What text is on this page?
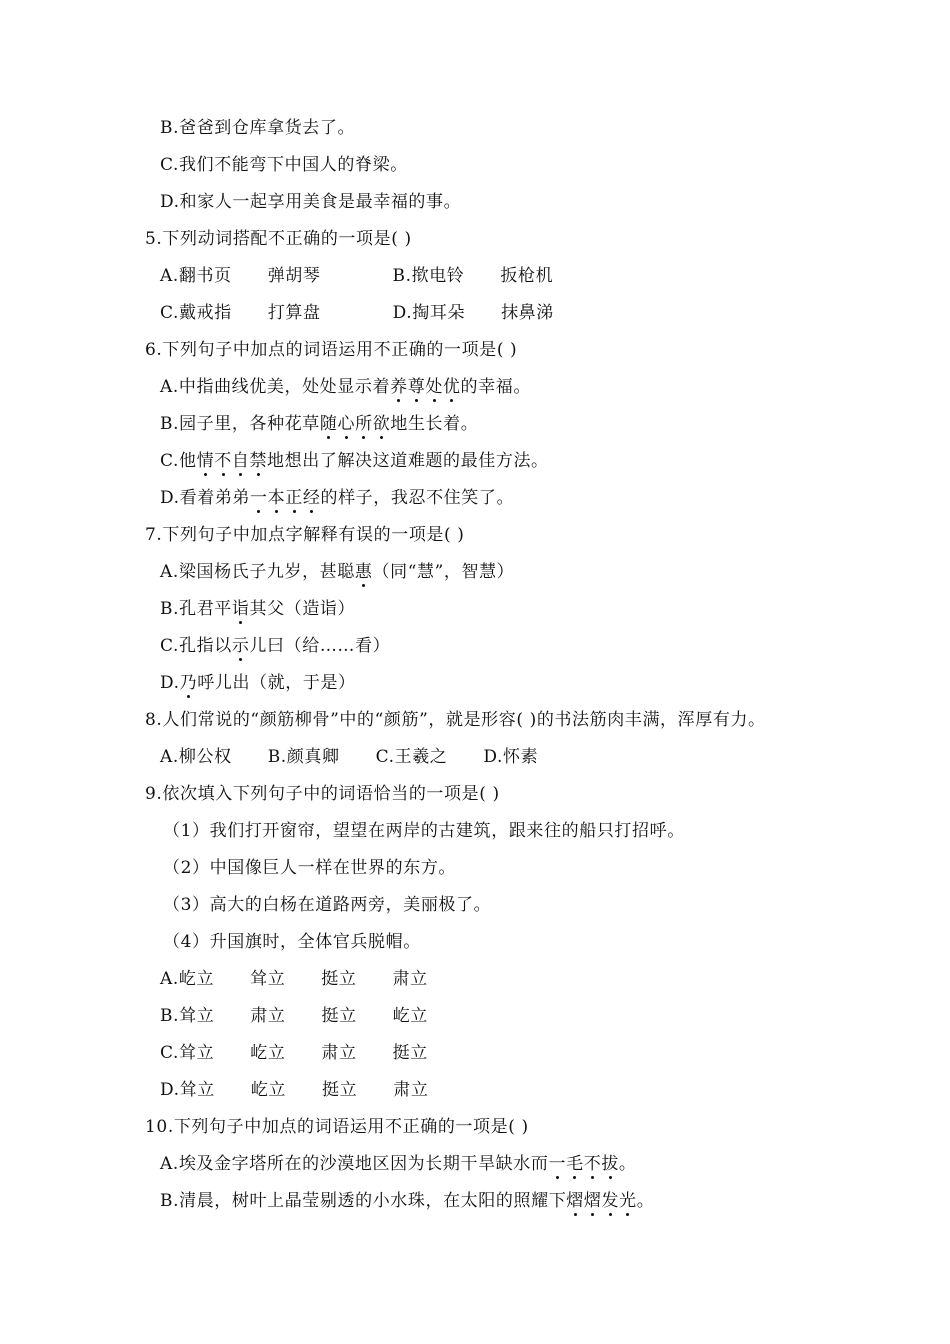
B.爸爸到仓库拿货去了。
C.我们不能弯下中国人的脊梁。
D.和家人一起享用美食是最幸福的事。
5.下列动词搭配不正确的一项是( )
A.翻书页 弹胡琴	B.揿电铃 扳枪机
C.戴戒指 打算盘	D.掏耳朵 抹鼻涕
6.下列句子中加点的词语运用不正确的一项是( )
A.中指曲线优美，处处显示着养
尊
处
优
的幸福。
B.园子里，各种花草随
心
所
欲
地生长着。
C.他情
不
自
禁
地想出了解决这道难题的最佳方法。
D.看着弟弟一
本
正
经
的样子，我忍不住笑了。
7.下列句子中加点字解释有误的一项是( )
A.梁国杨氏子九岁，甚聪惠
（同“慧”，智慧）
B.孔君平诣
其父（造诣）
C.孔指以示
儿曰（给……看）
D.乃
呼儿出（就，于是）
8.人们常说的“颜筋柳骨”中的“颜筋”，就是形容( )的书法筋肉丰满，浑厚有力。
A.柳公权 B.颜真卿 C.王羲之 D.怀素
9.依次填入下列句子中的词语恰当的一项是( )
（1）我们打开窗帘，望望在两岸的古建筑，跟来往的船只打招呼。
（2）中国像巨人一样在世界的东方。
（3）高大的白杨在道路两旁，美丽极了。
（4）升国旗时，全体官兵脱帽。
A.屹立 耸立 挺立 肃立
B.耸立 肃立 挺立 屹立
C.耸立 屹立 肃立 挺立
D.耸立 屹立 挺立 肃立
10.下列句子中加点的词语运用不正确的一项是( )
A.埃及金字塔所在的沙漠地区因为长期干旱缺水而一
毛
不
拔
。
B.清晨，树叶上晶莹剔透的小水珠，在太阳的照耀下熠
熠
发
光
。
